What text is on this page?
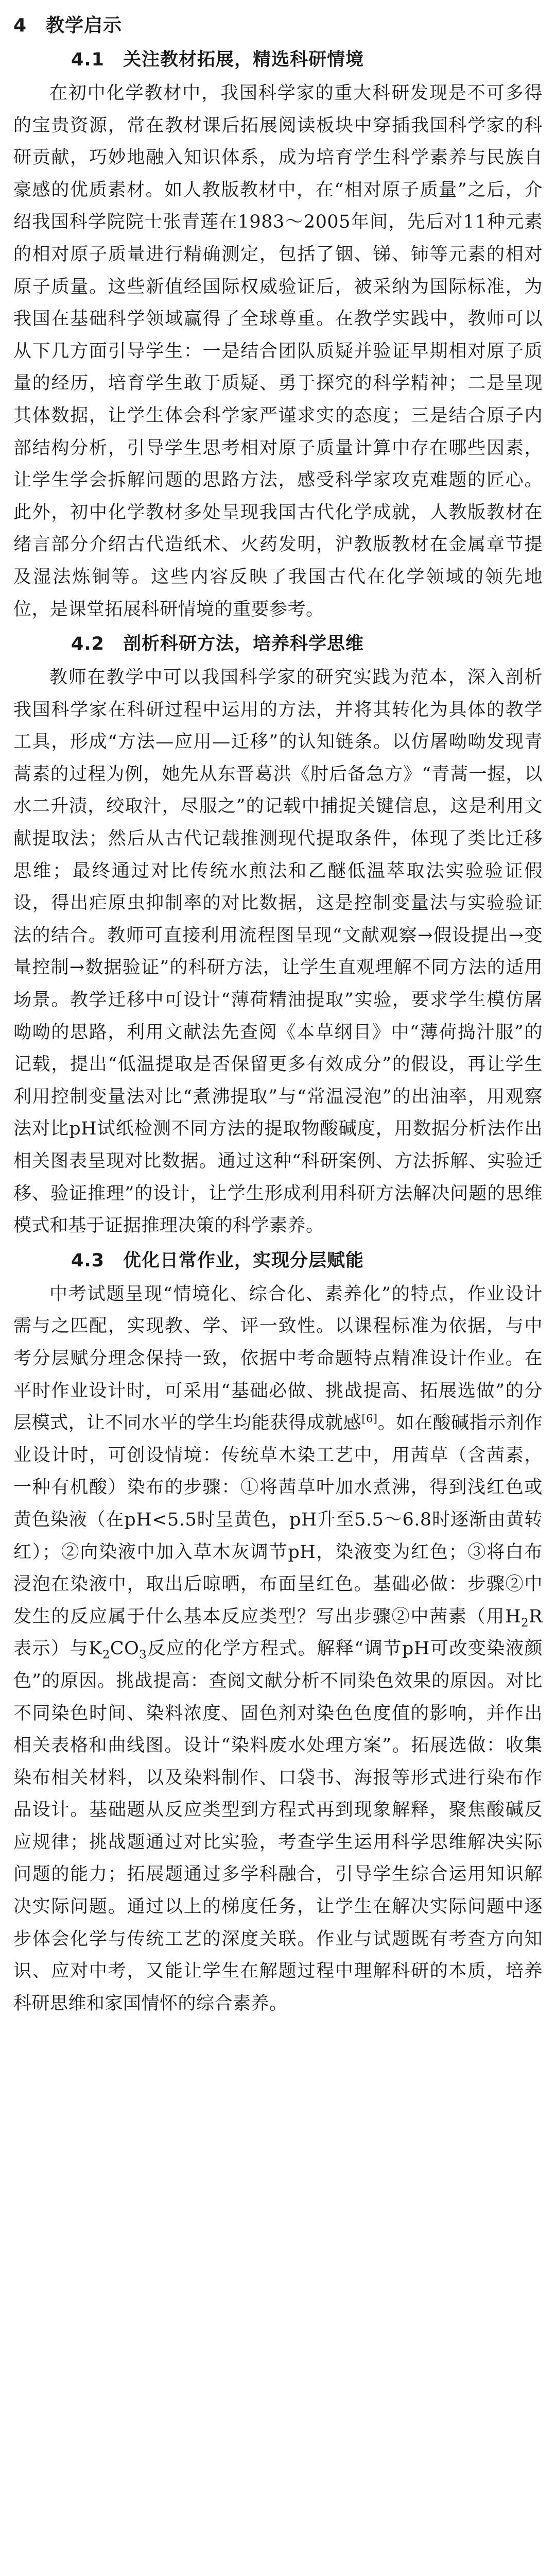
4　教学启示
4.1　关注教材拓展，精选科研情境

在初中化学教材中，我国科学家的重大科研发现是不可多得的宝贵资源，常在教材课后拓展阅读板块中穿插我国科学家的科研贡献，巧妙地融入知识体系，成为培育学生科学素养与民族自豪感的优质素材。如人教版教材中，在“相对原子质量”之后，介绍我国科学院院士张青莲在1983～2005年间，先后对11种元素的相对原子质量进行精确测定，包括了铟、锑、铈等元素的相对原子质量。这些新值经国际权威验证后，被采纳为国际标准，为我国在基础科学领域赢得了全球尊重。在教学实践中，教师可以从下几方面引导学生：一是结合团队质疑并验证早期相对原子质量的经历，培育学生敢于质疑、勇于探究的科学精神；二是呈现其体数据，让学生体会科学家严谨求实的态度；三是结合原子内部结构分析，引导学生思考相对原子质量计算中存在哪些因素，让学生学会拆解问题的思路方法，感受科学家攻克难题的匠心。此外，初中化学教材多处呈现我国古代化学成就，人教版教材在绪言部分介绍古代造纸术、火药发明，沪教版教材在金属章节提及湿法炼铜等。这些内容反映了我国古代在化学领域的领先地位，是课堂拓展科研情境的重要参考。

4.2　剖析科研方法，培养科学思维

教师在教学中可以我国科学家的研究实践为范本，深入剖析我国科学家在科研过程中运用的方法，并将其转化为具体的教学工具，形成“方法—应用—迁移”的认知链条。以仿屠呦呦发现青蒿素的过程为例，她先从东晋葛洪《肘后备急方》“青蒿一握，以水二升渍，绞取汁，尽服之”的记载中捕捉关键信息，这是利用文献提取法；然后从古代记载推测现代提取条件，体现了类比迁移思维；最终通过对比传统水煎法和乙醚低温萃取法实验验证假设，得出疟原虫抑制率的对比数据，这是控制变量法与实验验证法的结合。教师可直接利用流程图呈现“文献观察→假设提出→变量控制→数据验证”的科研方法，让学生直观理解不同方法的适用场景。教学迁移中可设计“薄荷精油提取”实验，要求学生模仿屠呦呦的思路，利用文献法先查阅《本草纲目》中“薄荷捣汁服”的记载，提出“低温提取是否保留更多有效成分”的假设，再让学生利用控制变量法对比“煮沸提取”与“常温浸泡”的出油率，用观察法对比pH试纸检测不同方法的提取物酸碱度，用数据分析法作出相关图表呈现对比数据。通过这种“科研案例、方法拆解、实验迁移、验证推理”的设计，让学生形成利用科研方法解决问题的思维模式和基于证据推理决策的科学素养。

4.3　优化日常作业，实现分层赋能

中考试题呈现“情境化、综合化、素养化”的特点，作业设计需与之匹配，实现教、学、评一致性。以课程标准为依据，与中考分层赋分理念保持一致，依据中考命题特点精准设计作业。在平时作业设计时，可采用“基础必做、挑战提高、拓展选做”的分层模式，让不同水平的学生均能获得成就感[6]。如在酸碱指示剂作业设计时，可创设情境：传统草木染工艺中，用茜草（含茜素，一种有机酸）染布的步骤：①将茜草叶加水煮沸，得到浅红色或黄色染液（在pH<5.5时呈黄色，pH升至5.5～6.8时逐渐由黄转红）；②向染液中加入草木灰调节pH，染液变为红色；③将白布浸泡在染液中，取出后晾晒，布面呈红色。基础必做：步骤②中发生的反应属于什么基本反应类型？写出步骤②中茜素（用$H_2R$表示）与$K_2CO_3$反应的化学方程式。解释“调节pH可改变染液颜色”的原因。挑战提高：查阅文献分析不同染色效果的原因。对比不同染色时间、染料浓度、固色剂对染色色度值的影响，并作出相关表格和曲线图。设计“染料废水处理方案”。拓展选做：收集染布相关材料，以及染料制作、口袋书、海报等形式进行染布作品设计。基础题从反应类型到方程式再到现象解释，聚焦酸碱反应规律；挑战题通过对比实验，考查学生运用科学思维解决实际问题的能力；拓展题通过多学科融合，引导学生综合运用知识解决实际问题。通过以上的梯度任务，让学生在解决实际问题中逐步体会化学与传统工艺的深度关联。作业与试题既有考查方向知识、应对中考，又能让学生在解题过程中理解科研的本质，培养科研思维和家国情怀的综合素养。
